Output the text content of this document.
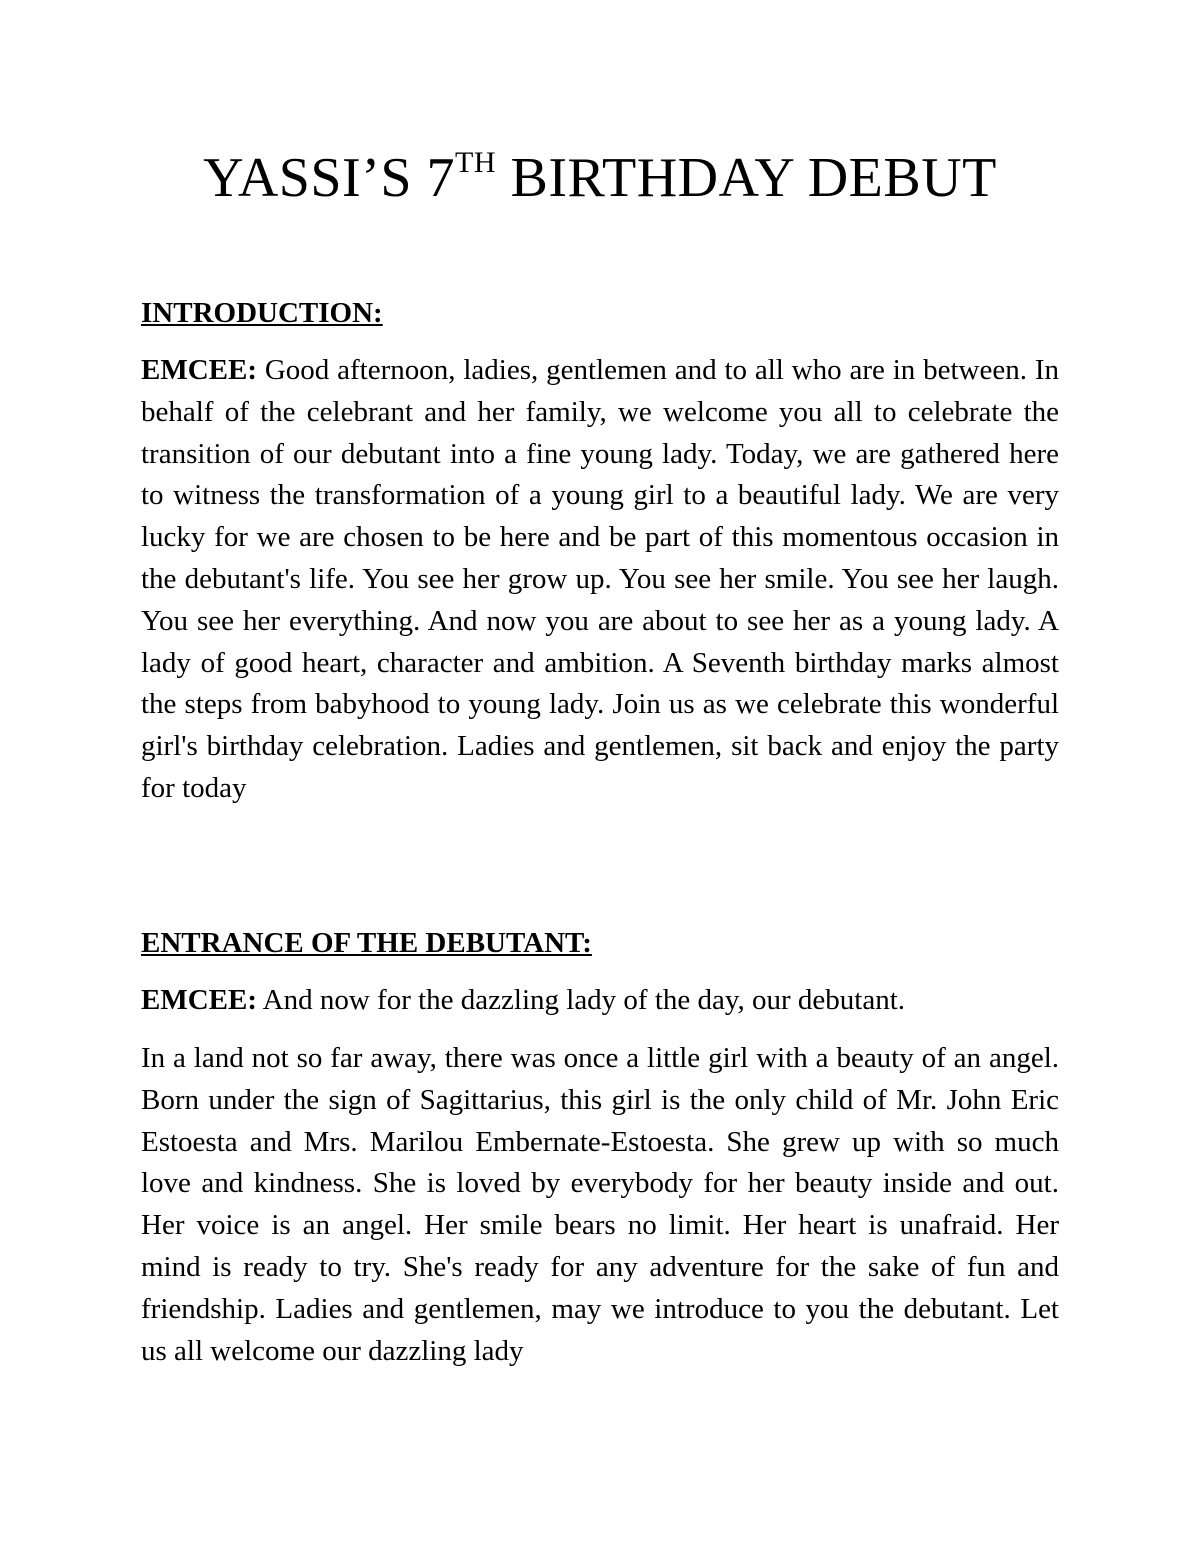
YASSI’S 7TH BIRTHDAY DEBUT

INTRODUCTION:

EMCEE: Good afternoon, ladies, gentlemen and to all who are in between. In behalf of the celebrant and her family, we welcome you all to celebrate the transition of our debutant into a fine young lady. Today, we are gathered here to witness the transformation of a young girl to a beautiful lady. We are very lucky for we are chosen to be here and be part of this momentous occasion in the debutant's life. You see her grow up. You see her smile. You see her laugh. You see her everything. And now you are about to see her as a young lady. A lady of good heart, character and ambition. A Seventh birthday marks almost the steps from babyhood to young lady. Join us as we celebrate this wonderful girl's birthday celebration. Ladies and gentlemen, sit back and enjoy the party for today

ENTRANCE OF THE DEBUTANT:

EMCEE: And now for the dazzling lady of the day, our debutant.

In a land not so far away, there was once a little girl with a beauty of an angel. Born under the sign of Sagittarius, this girl is the only child of Mr. John Eric Estoesta and Mrs. Marilou Embernate-Estoesta. She grew up with so much love and kindness. She is loved by everybody for her beauty inside and out. Her voice is an angel. Her smile bears no limit. Her heart is unafraid. Her mind is ready to try. She's ready for any adventure for the sake of fun and friendship. Ladies and gentlemen, may we introduce to you the debutant. Let us all welcome our dazzling lady
